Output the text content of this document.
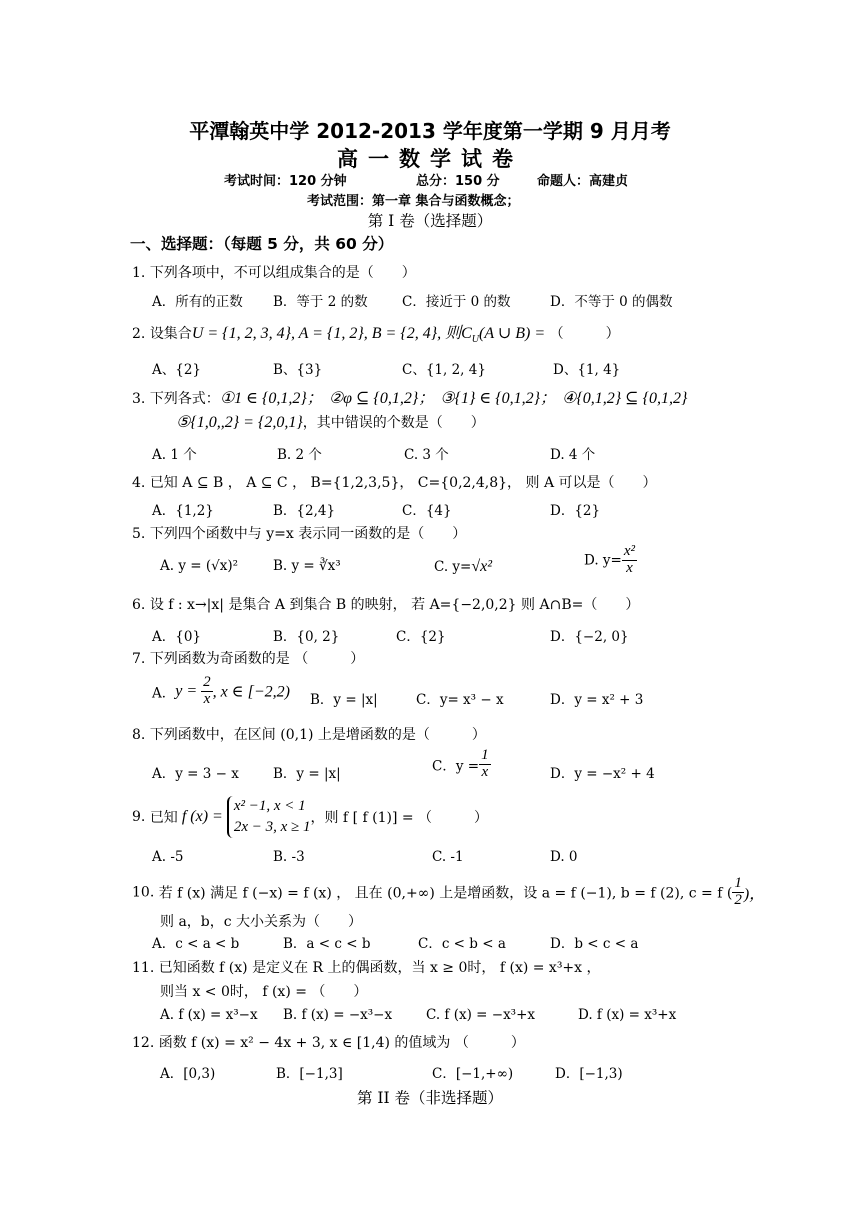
平潭翰英中学 2012-2013 学年度第一学期 9 月月考
高一数学试卷
考试时间：120 分钟	总分：150 分	命题人：高建贞
考试范围：第一章 集合与函数概念；
第 I 卷（选择题）
一、选择题：（每题 5 分，共 60 分）
1. 下列各项中，不可以组成集合的是（　　）
A．所有的正数 B．等于 2 的数	C．接近于 0 的数	D．不等于 0 的偶数
2. 设集合U = {1, 2, 3, 4}, A = {1, 2}, B = {2, 4}, 则$C_U(A$ ∪ B) = （　　　）
A、{2}	B、{3}	C、{1, 2, 4}	D、{1, 4}
3. 下列各式：①1 ∈ {0,1,2}；　 ②φ ⊆ {0,1,2}；　 ③{1} ∈ {0,1,2}；　 ④{0,1,2} ⊆ {0,1,2}
⑤{1,0,,2} = {2,0,1}，其中错误的个数是（　　）
A. 1 个	B. 2 个	C. 3 个	D. 4 个
4. 已知 A ⊆ B ， A ⊆ C ， B={1,2,3,5}， C={0,2,4,8}， 则 A 可以是（　　）
A．{1,2}	B．{2,4}	C．{4}	D．{2}
5. 下列四个函数中与 y=x 表示同一函数的是（　　）
A. y = (√x)²	B. y = ∛x³	C. y=√x²	D. $y= \frac{\text{x²}}{x}$
6. 设 f : x→|x| 是集合 A 到集合 B 的映射， 若 A={−2,0,2} 则 A∩B=（　　）
A．{0}	B．{0, 2}	C．{2}	D．{−2, 0}
7. 下列函数为奇函数的是 （　　　）
A．$y = \frac{2}{x}$ , x ∈ [−2,2) B．y = |x|	C．y= x³ − x	D．y = x² + 3
8. 下列函数中，在区间 (0,1) 上是增函数的是（　　　）
A．y = 3 − x	B．y = |x|	C．$y = \frac{1}{x}$	D．y = −x² + 4
9. 已知 f (x) =
x² −1, x < 1
2x − 3, x ≥ 1
，则 f [ f (1)] = （　　　）
A. -5	B. -3	C. -1	D. 0
10. 若 f (x) 满足 f (−x) = f (x) ， 且在 (0,+∞) 上是增函数，设 a = f (−1), b = f (2), c = f ( $\frac{1}{2}$ )，
则 a，b，c 大小关系为（　　）
A．c < a < b	B．a < c < b	C．c < b < a	D．b < c < a
11. 已知函数 f (x) 是定义在 R 上的偶函数，当 x ≥ 0时， f (x) = x³+x ，
则当 x < 0时， f (x) = （　　）
A. f (x) = x³−x B. f (x) = −x³−x	C. f (x) = −x³+x	D. f (x) = x³+x
12. 函数 f (x) = x² − 4x + 3, x ∈ [1,4) 的值域为 （　　　）
A．[0,3)	B．[−1,3]	C．[−1,+∞)	D．[−1,3)
第 II 卷（非选择题）
